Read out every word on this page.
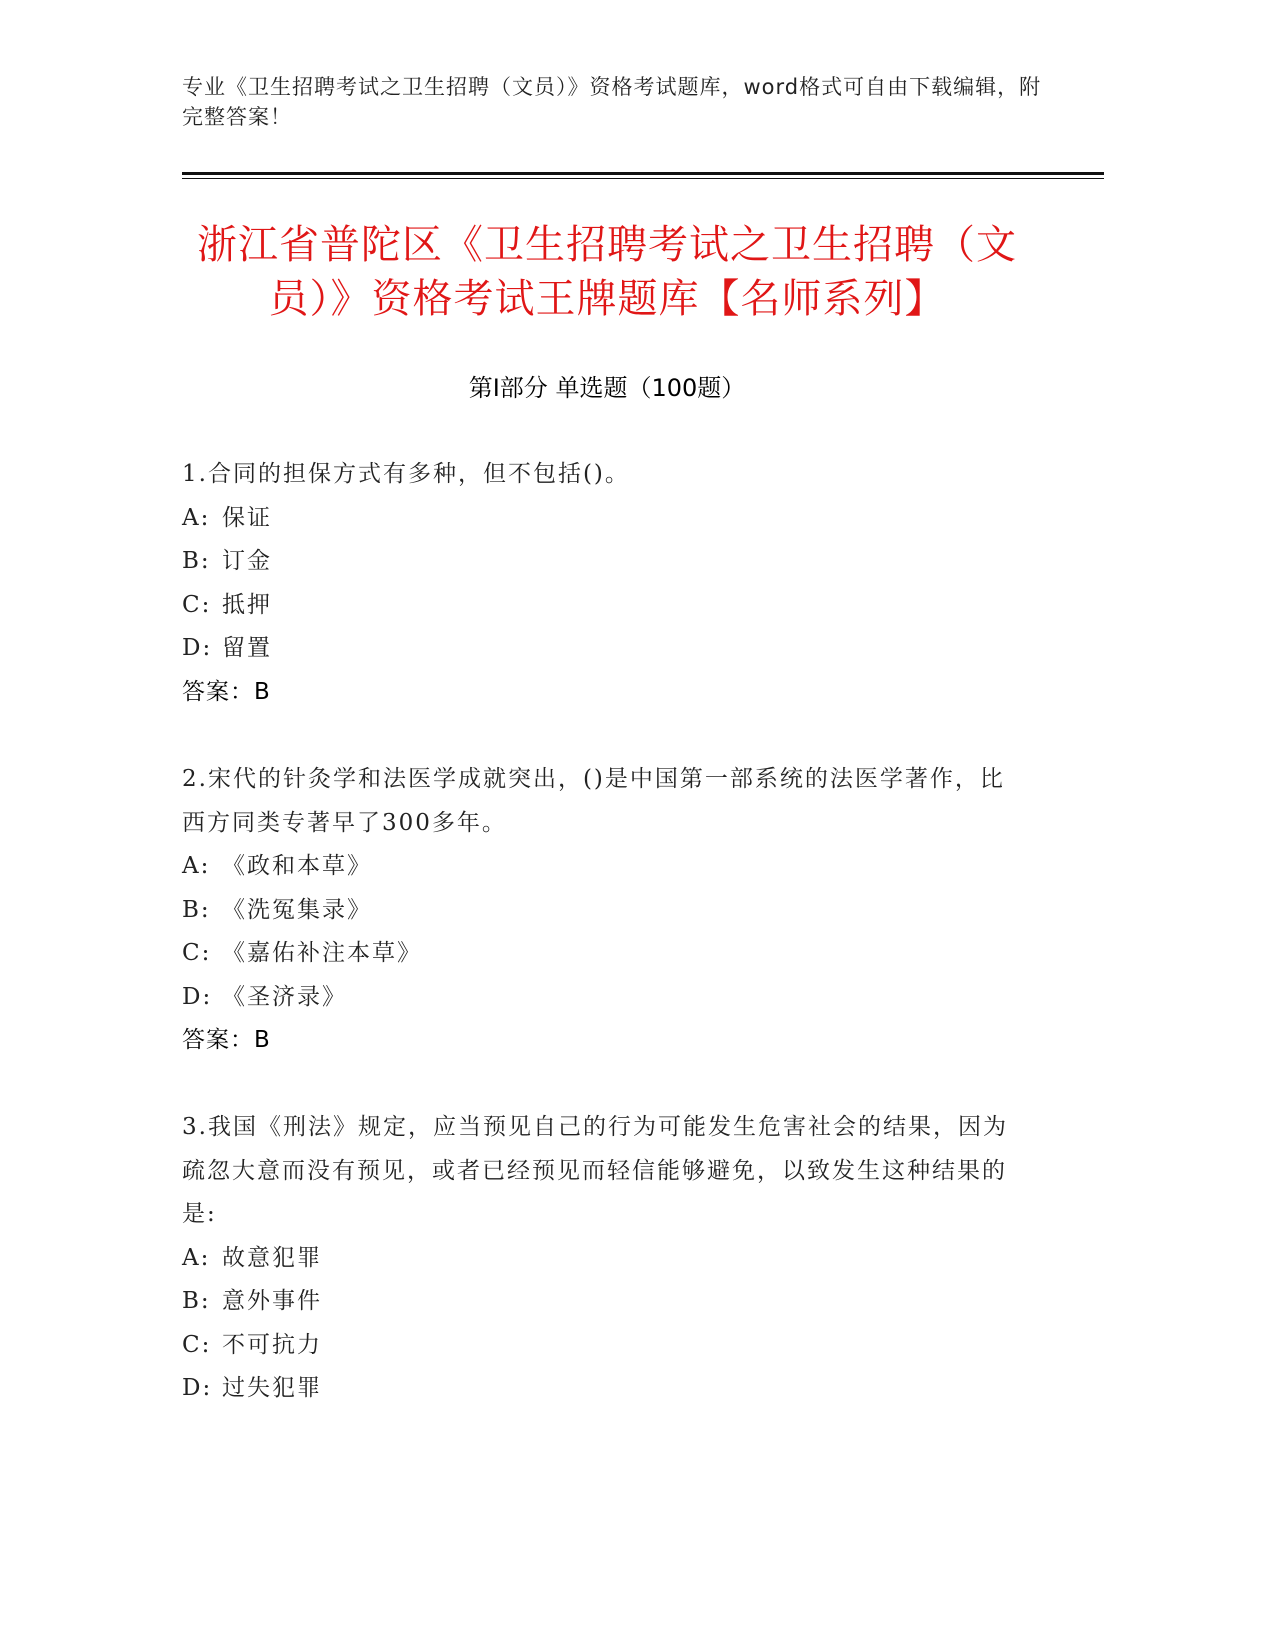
专业《卫生招聘考试之卫生招聘（文员）》资格考试题库，word格式可自由下载编辑，附完整答案！
浙江省普陀区《卫生招聘考试之卫生招聘（文员）》资格考试王牌题库【名师系列】
第Ⅰ部分 单选题（100题）

1.合同的担保方式有多种，但不包括()。

A: 保证

B: 订金

C: 抵押

D: 留置

答案：B

2.宋代的针灸学和法医学成就突出，()是中国第一部系统的法医学著作，比西方同类专著早了300多年。

A: 《政和本草》

B: 《洗冤集录》

C: 《嘉佑补注本草》

D: 《圣济录》

答案：B

3.我国《刑法》规定，应当预见自己的行为可能发生危害社会的结果，因为疏忽大意而没有预见，或者已经预见而轻信能够避免，以致发生这种结果的是:

A: 故意犯罪

B: 意外事件

C: 不可抗力

D: 过失犯罪
